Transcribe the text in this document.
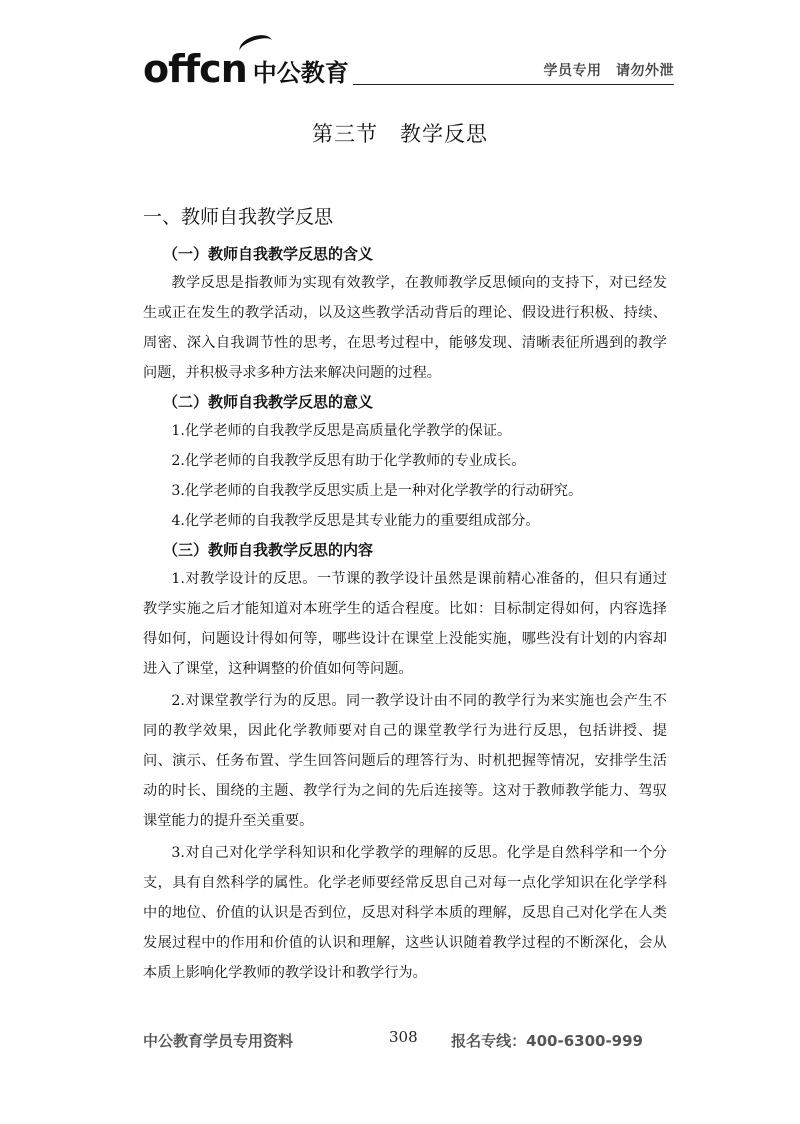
offcn 中公教育	学员专用　请勿外泄
第三节　教学反思
一、教师自我教学反思
（一）教师自我教学反思的含义

教学反思是指教师为实现有效教学，在教师教学反思倾向的支持下，对已经发生或正在发生的教学活动，以及这些教学活动背后的理论、假设进行积极、持续、周密、深入自我调节性的思考，在思考过程中，能够发现、清晰表征所遇到的教学问题，并积极寻求多种方法来解决问题的过程。

（二）教师自我教学反思的意义

1.化学老师的自我教学反思是高质量化学教学的保证。

2.化学老师的自我教学反思有助于化学教师的专业成长。

3.化学老师的自我教学反思实质上是一种对化学教学的行动研究。

4.化学老师的自我教学反思是其专业能力的重要组成部分。

（三）教师自我教学反思的内容

1.对教学设计的反思。一节课的教学设计虽然是课前精心准备的，但只有通过教学实施之后才能知道对本班学生的适合程度。比如：目标制定得如何，内容选择得如何，问题设计得如何等，哪些设计在课堂上没能实施，哪些没有计划的内容却进入了课堂，这种调整的价值如何等问题。

2.对课堂教学行为的反思。同一教学设计由不同的教学行为来实施也会产生不同的教学效果，因此化学教师要对自己的课堂教学行为进行反思，包括讲授、提问、演示、任务布置、学生回答问题后的理答行为、时机把握等情况，安排学生活动的时长、围绕的主题、教学行为之间的先后连接等。这对于教师教学能力、驾驭课堂能力的提升至关重要。

3.对自己对化学学科知识和化学教学的理解的反思。化学是自然科学和一个分支，具有自然科学的属性。化学老师要经常反思自己对每一点化学知识在化学学科中的地位、价值的认识是否到位，反思对科学本质的理解，反思自己对化学在人类发展过程中的作用和价值的认识和理解，这些认识随着教学过程的不断深化，会从本质上影响化学教师的教学设计和教学行为。

中公教育学员专用资料	308 报名专线：400-6300-999
